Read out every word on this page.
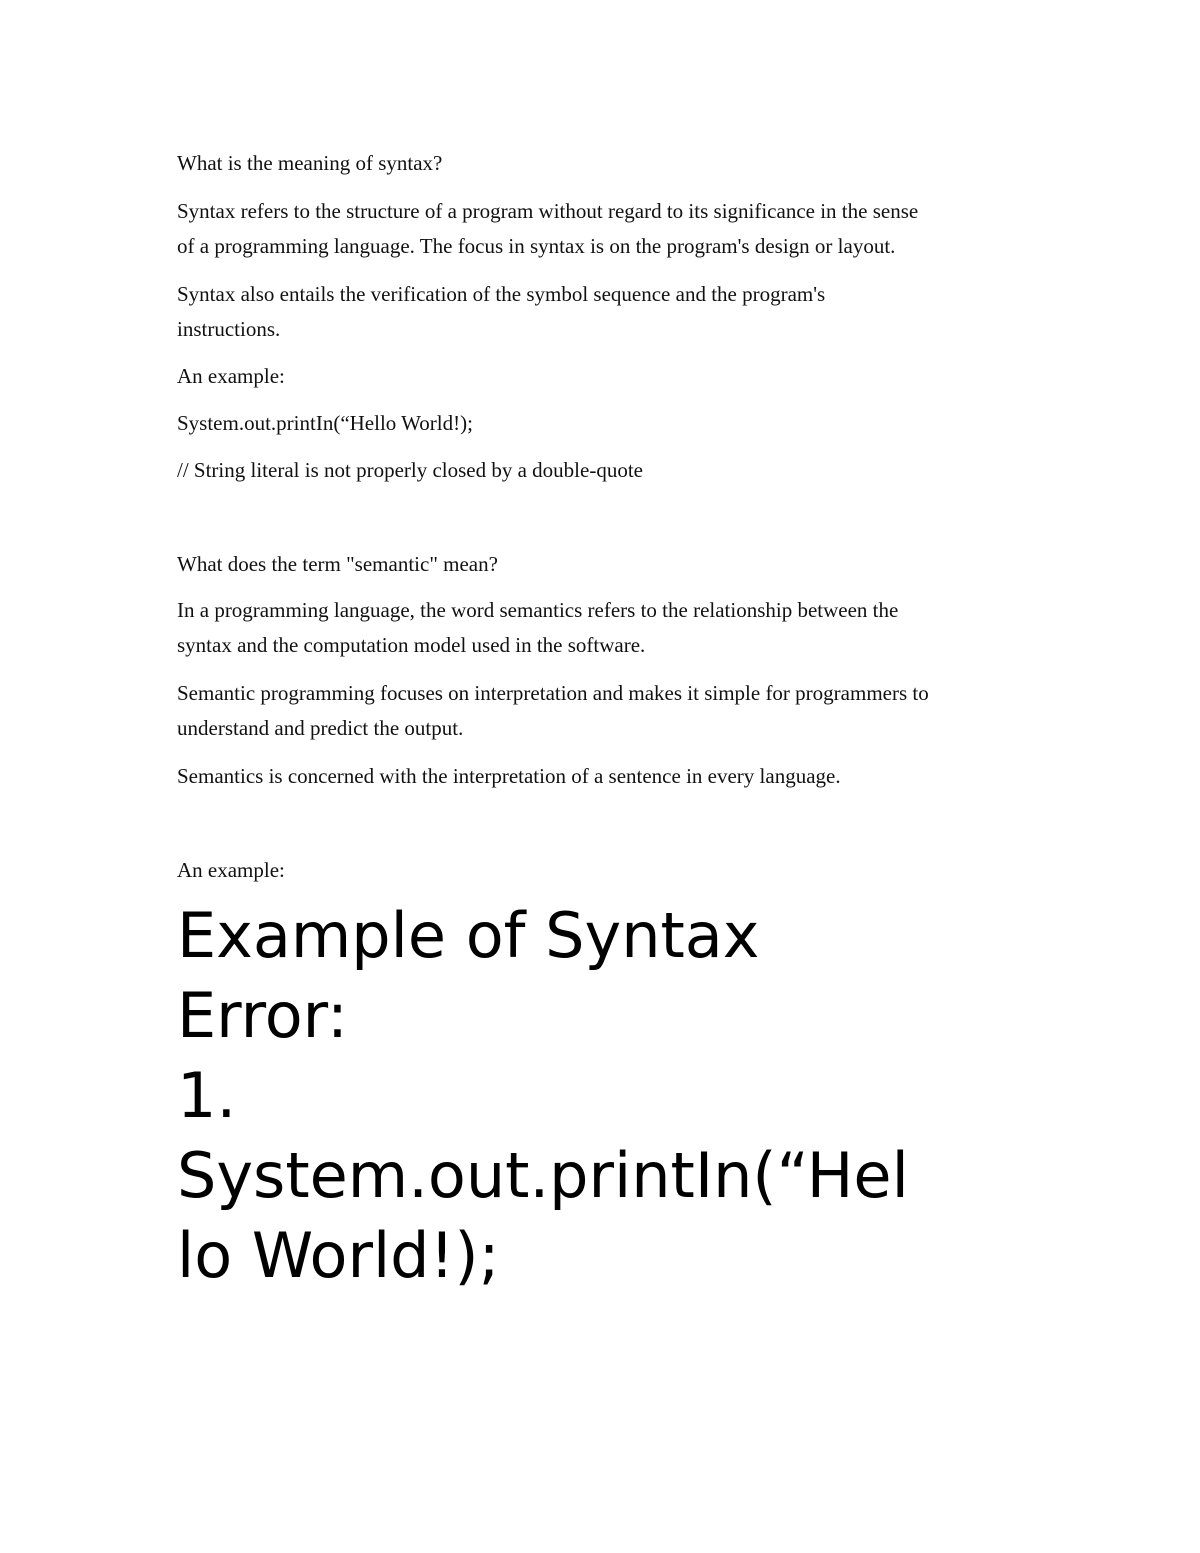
What is the meaning of syntax?

Syntax refers to the structure of a program without regard to its significance in the sense
of a programming language. The focus in syntax is on the program's design or layout.

Syntax also entails the verification of the symbol sequence and the program's
instructions.

An example:

System.out.printIn(“Hello World!);

// String literal is not properly closed by a double-quote

What does the term "semantic" mean?

In a programming language, the word semantics refers to the relationship between the
syntax and the computation model used in the software.

Semantic programming focuses on interpretation and makes it simple for programmers to
understand and predict the output.

Semantics is concerned with the interpretation of a sentence in every language.

An example:

Example of Syntax
Error:
1.
System.out.printIn(“Hel
lo World!);
